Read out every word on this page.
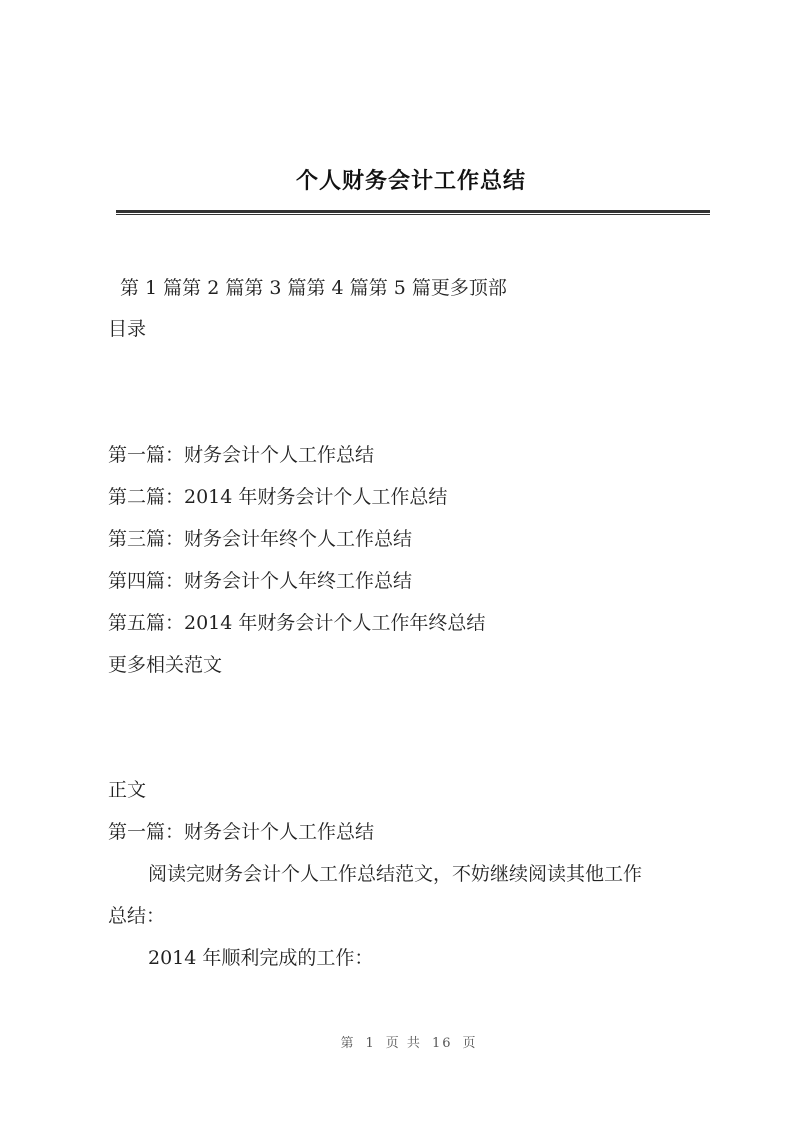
个人财务会计工作总结
第 1 篇第 2 篇第 3 篇第 4 篇第 5 篇更多顶部
目录
第一篇：财务会计个人工作总结
第二篇：2014 年财务会计个人工作总结
第三篇：财务会计年终个人工作总结
第四篇：财务会计个人年终工作总结
第五篇：2014 年财务会计个人工作年终总结
更多相关范文
正文
第一篇：财务会计个人工作总结
阅读完财务会计个人工作总结范文，不妨继续阅读其他工作
总结：
2014 年顺利完成的工作：
第 1 页 共 16 页
